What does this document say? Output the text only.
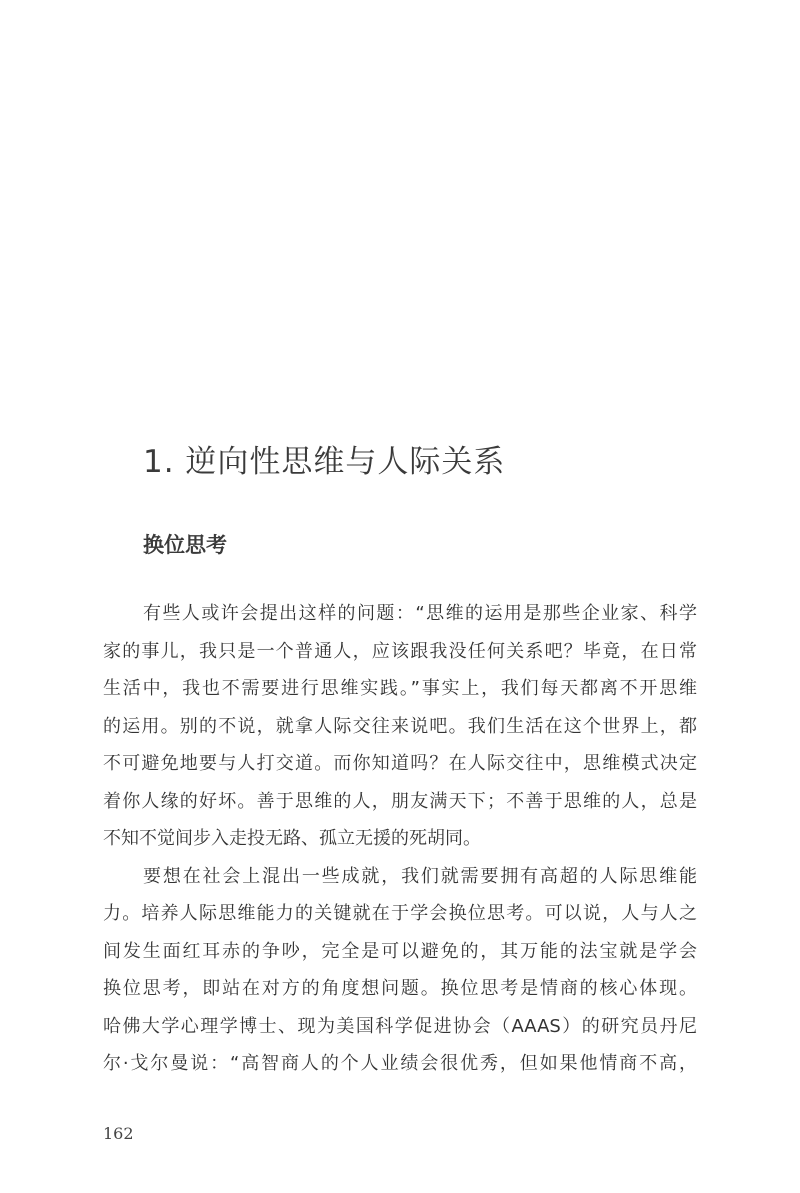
1. 逆向性思维与人际关系
换位思考
有些人或许会提出这样的问题：“思维的运用是那些企业家、科学
家的事儿，我只是一个普通人，应该跟我没任何关系吧？毕竟，在日常
生活中，我也不需要进行思维实践。”事实上，我们每天都离不开思维
的运用。别的不说，就拿人际交往来说吧。我们生活在这个世界上，都
不可避免地要与人打交道。而你知道吗？在人际交往中，思维模式决定
着你人缘的好坏。善于思维的人，朋友满天下；不善于思维的人，总是
不知不觉间步入走投无路、孤立无援的死胡同。
要想在社会上混出一些成就，我们就需要拥有高超的人际思维能
力。培养人际思维能力的关键就在于学会换位思考。可以说，人与人之
间发生面红耳赤的争吵，完全是可以避免的，其万能的法宝就是学会
换位思考，即站在对方的角度想问题。换位思考是情商的核心体现。
哈佛大学心理学博士、现为美国科学促进协会（AAAS）的研究员丹尼
尔·戈尔曼说：“高智商人的个人业绩会很优秀，但如果他情商不高，
162
